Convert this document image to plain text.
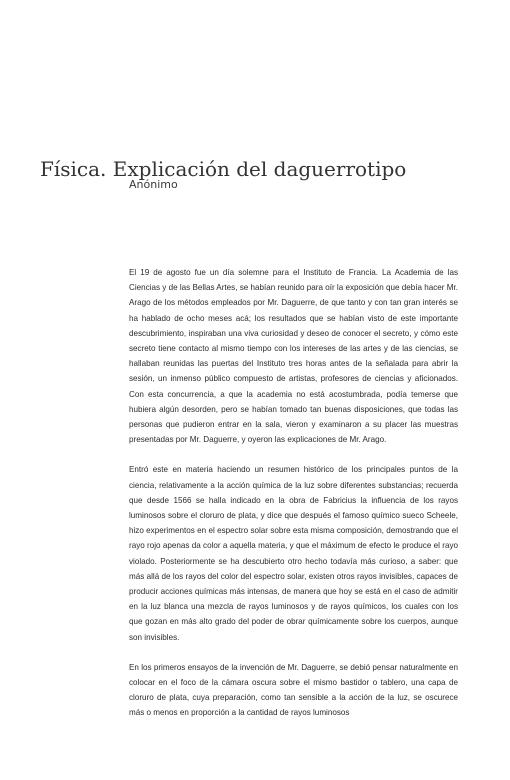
Física. Explicación del daguerrotipo
Anónimo

El 19 de agosto fue un día solemne para el Instituto de Francia. La Academia de las Ciencias y de las Bellas Artes, se habían reunido para oír la exposición que debía hacer Mr. Arago de los métodos empleados por Mr. Daguerre, de que tanto y con tan gran interés se ha hablado de ocho meses acá; los resultados que se habían visto de este importante descubrimiento, inspiraban una viva curiosidad y deseo de conocer el secreto, y cómo este secreto tiene contacto al mismo tiempo con los intereses de las artes y de las ciencias, se hallaban reunidas las puertas del Instituto tres horas antes de la señalada para abrir la sesión, un inmenso público compuesto de artistas, profesores de ciencias y aficionados. Con esta concurrencia, a que la academia no está acostumbrada, podía temerse que hubiera algún desorden, pero se habían tomado tan buenas disposiciones, que todas las personas que pudieron entrar en la sala, vieron y examinaron a su placer las muestras presentadas por Mr. Daguerre, y oyeron las explicaciones de Mr. Arago.

Entró este en materia haciendo un resumen histórico de los principales puntos de la ciencia, relativamente a la acción química de la luz sobre diferentes substancias; recuerda que desde 1566 se halla indicado en la obra de Fabricius la influencia de los rayos luminosos sobre el cloruro de plata, y dice que después el famoso químico sueco Scheele, hizo experimentos en el espectro solar sobre esta misma composición, demostrando que el rayo rojo apenas da color a aquella materia, y que el máximum de efecto le produce el rayo violado. Posteriormente se ha descubierto otro hecho todavía más curioso, a saber: que más allá de los rayos del color del espectro solar, existen otros rayos invisibles, capaces de producir acciones químicas más intensas, de manera que hoy se está en el caso de admitir en la luz blanca una mezcla de rayos luminosos y de rayos químicos, los cuales con los que gozan en más alto grado del poder de obrar químicamente sobre los cuerpos, aunque son invisibles.

En los primeros ensayos de la invención de Mr. Daguerre, se debió pensar naturalmente en colocar en el foco de la cámara oscura sobre el mismo bastidor o tablero, una capa de cloruro de plata, cuya preparación, como tan sensible a la acción de la luz, se oscurece más o menos en proporción a la cantidad de rayos luminosos
